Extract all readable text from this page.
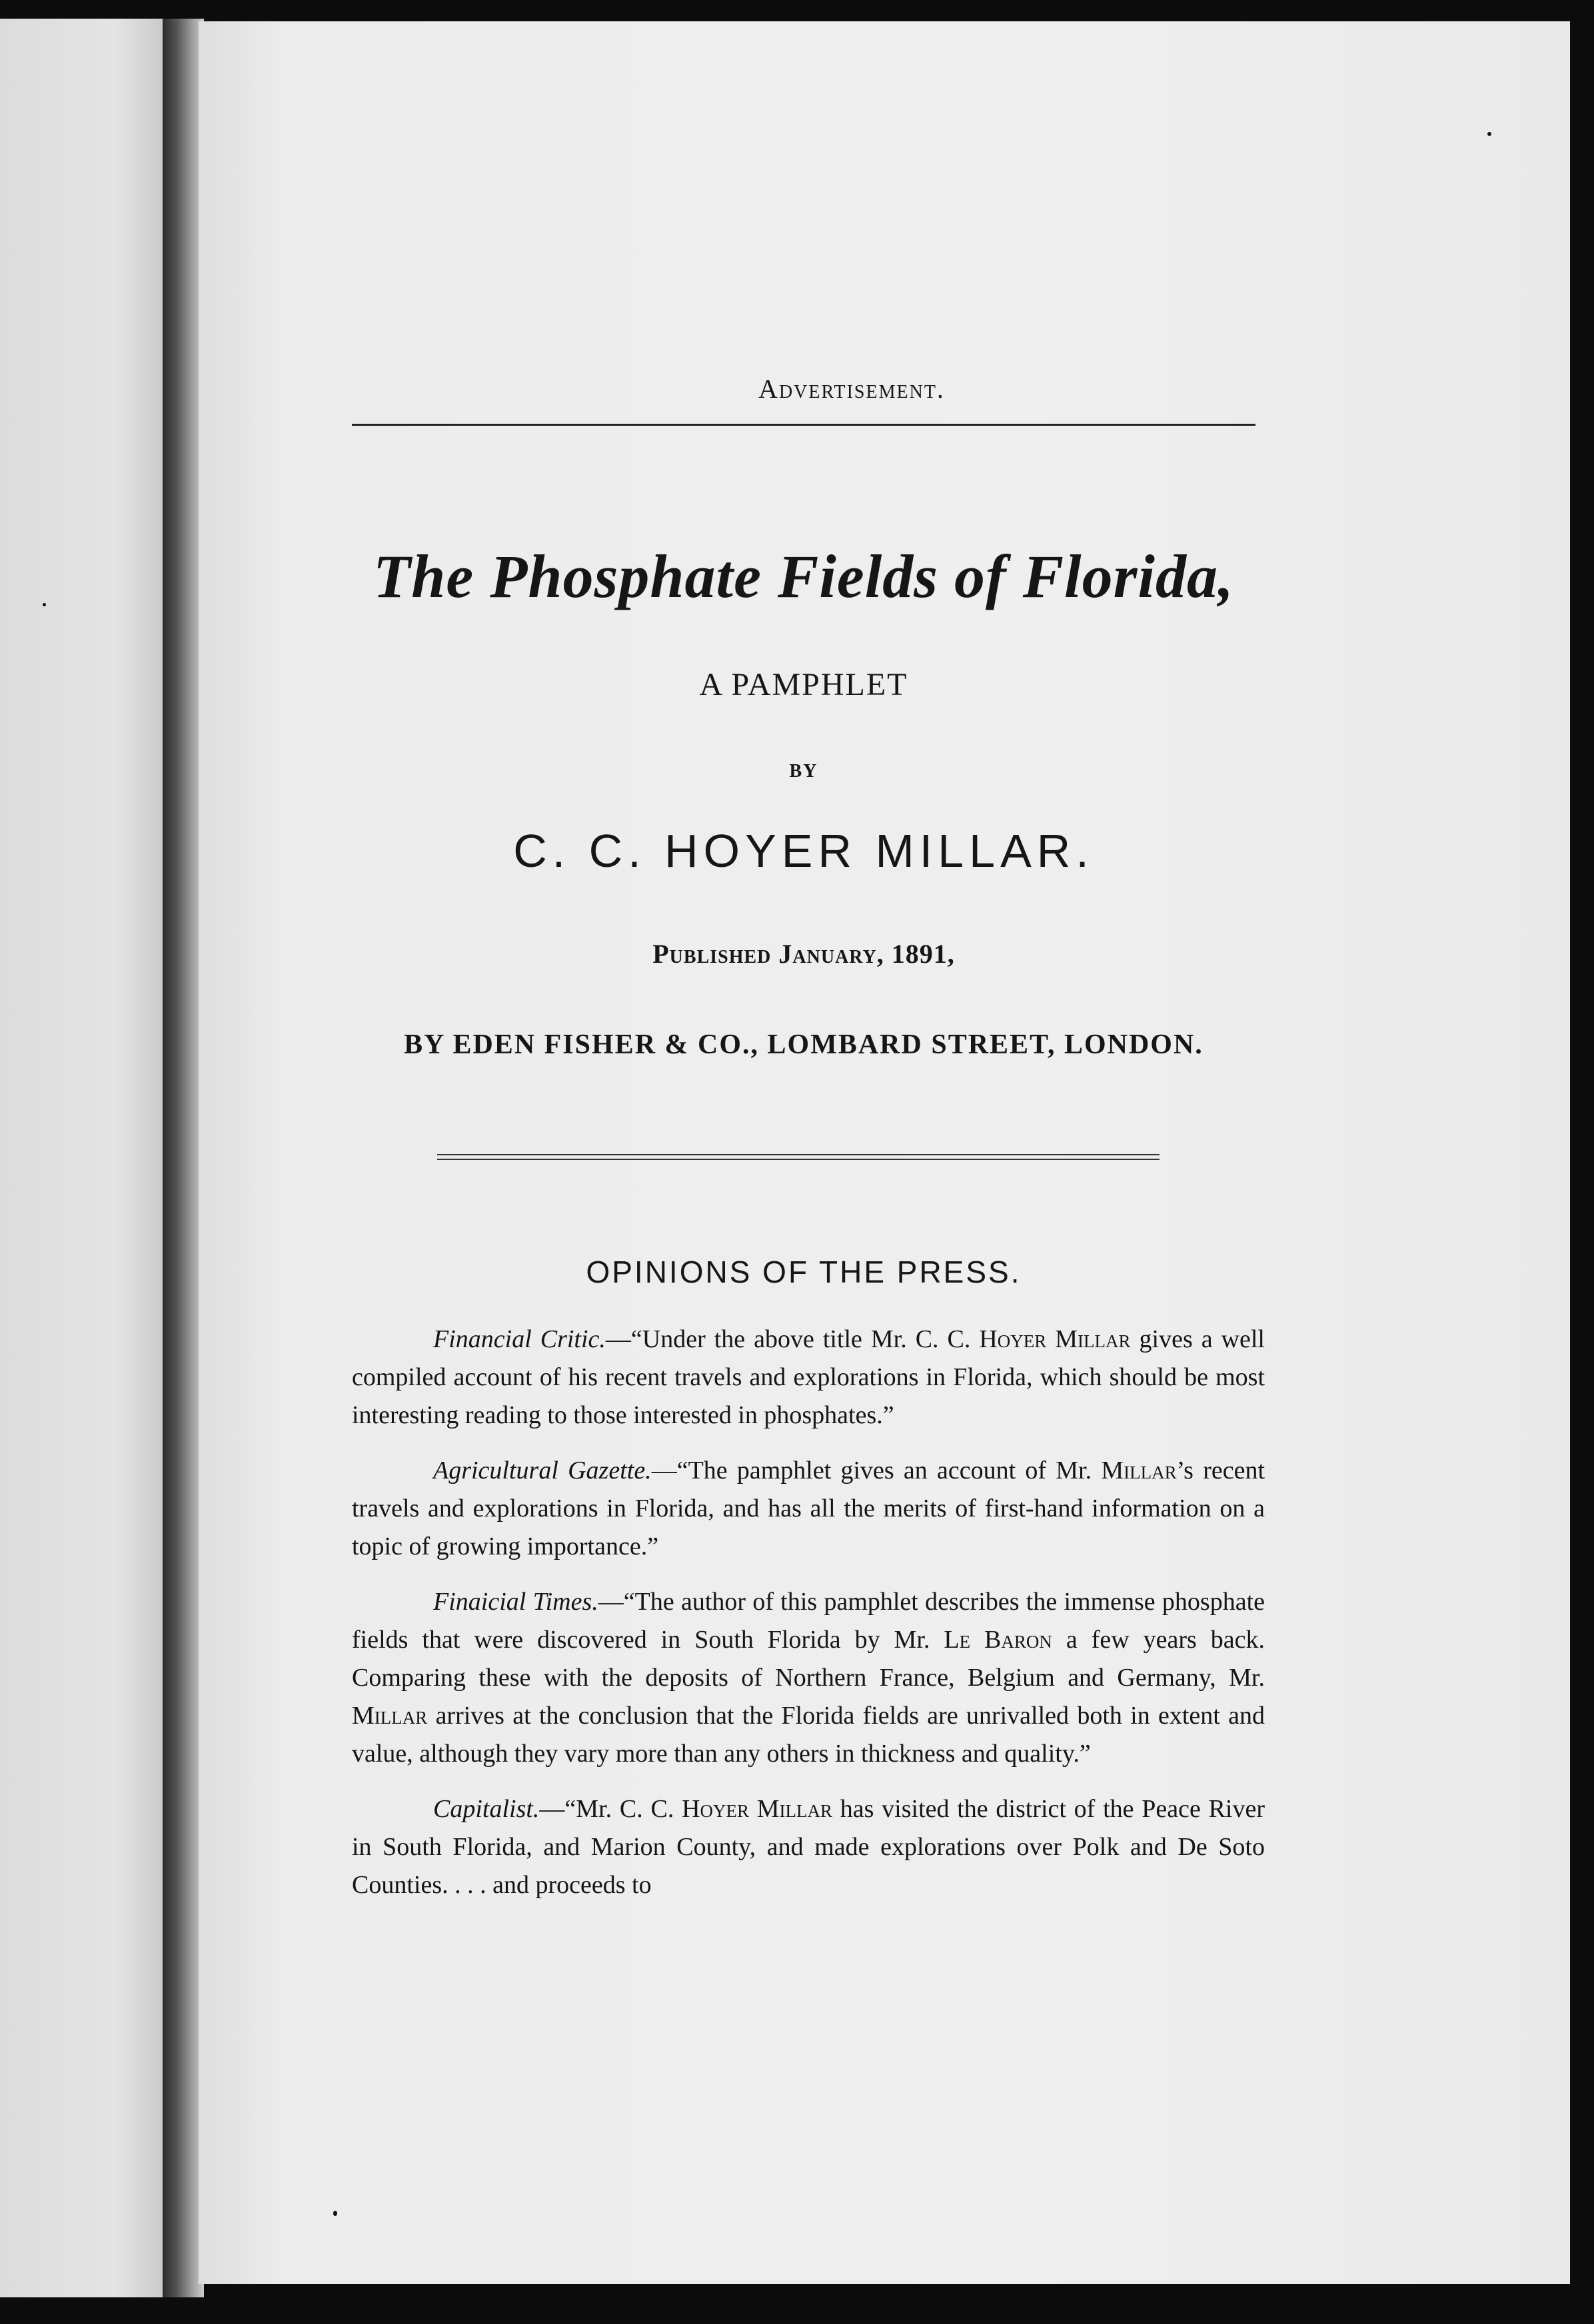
Advertisement.
The Phosphate Fields of Florida,
A PAMPHLET
BY
C. C. HOYER MILLAR.
Published January, 1891,
BY EDEN FISHER & CO., LOMBARD STREET, LONDON.
OPINIONS OF THE PRESS.

Financial Critic.—“Under the above title Mr. C. C. Hoyer Millar gives a well compiled account of his recent travels and explorations in Florida, which should be most interesting reading to those interested in phosphates.”

Agricultural Gazette.—“The pamphlet gives an account of Mr. Millar’s recent travels and explorations in Florida, and has all the merits of first-hand information on a topic of growing importance.”

Finaicial Times.—“The author of this pamphlet describes the immense phosphate fields that were discovered in South Florida by Mr. Le Baron a few years back. Comparing these with the deposits of Northern France, Belgium and Germany, Mr. Millar arrives at the conclusion that the Florida fields are unrivalled both in extent and value, although they vary more than any others in thickness and quality.”

Capitalist.—“Mr. C. C. Hoyer Millar has visited the district of the Peace River in South Florida, and Marion County, and made explorations over Polk and De Soto Counties. . . . and proceeds to
